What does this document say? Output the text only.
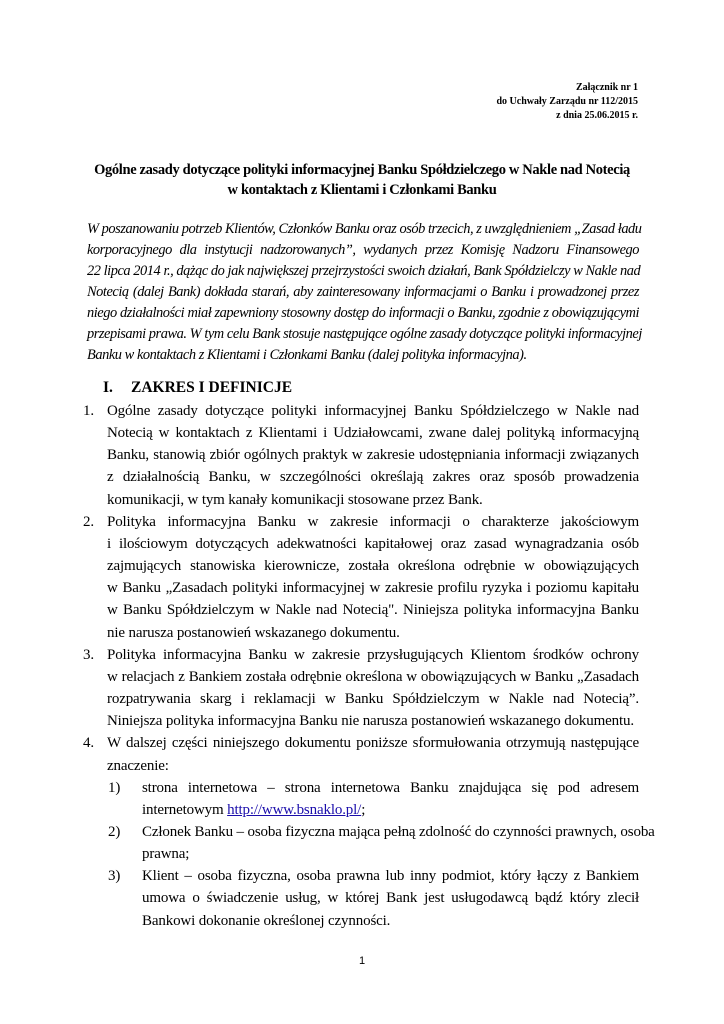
Załącznik nr 1
do Uchwały Zarządu nr 112/2015
z dnia 25.06.2015 r.
Ogólne zasady dotyczące polityki informacyjnej Banku Spółdzielczego w Nakle nad Notecią
w kontaktach z Klientami i Członkami Banku
W poszanowaniu potrzeb Klientów, Członków Banku oraz osób trzecich, z uwzględnieniem „Zasad ładu
korporacyjnego dla instytucji nadzorowanych”, wydanych przez Komisję Nadzoru Finansowego
22 lipca 2014 r., dążąc do jak największej przejrzystości swoich działań, Bank Spółdzielczy w Nakle nad
Notecią (dalej Bank) dokłada starań, aby zainteresowany informacjami o Banku i prowadzonej przez
niego działalności miał zapewniony stosowny dostęp do informacji o Banku, zgodnie z obowiązującymi
przepisami prawa. W tym celu Bank stosuje następujące ogólne zasady dotyczące polityki informacyjnej
Banku w kontaktach z Klientami i Członkami Banku (dalej polityka informacyjna).
I. ZAKRES I DEFINICJE
1. Ogólne zasady dotyczące polityki informacyjnej Banku Spółdzielczego w Nakle nad
Notecią w kontaktach z Klientami i Udziałowcami, zwane dalej polityką informacyjną
Banku, stanowią zbiór ogólnych praktyk w zakresie udostępniania informacji związanych
z działalnością Banku, w szczególności określają zakres oraz sposób prowadzenia
komunikacji, w tym kanały komunikacji stosowane przez Bank.
2. Polityka informacyjna Banku w zakresie informacji o charakterze jakościowym
i ilościowym dotyczących adekwatności kapitałowej oraz zasad wynagradzania osób
zajmujących stanowiska kierownicze, została określona odrębnie w obowiązujących
w Banku „Zasadach polityki informacyjnej w zakresie profilu ryzyka i poziomu kapitału
w Banku Spółdzielczym w Nakle nad Notecią". Niniejsza polityka informacyjna Banku
nie narusza postanowień wskazanego dokumentu.
3. Polityka informacyjna Banku w zakresie przysługujących Klientom środków ochrony
w relacjach z Bankiem została odrębnie określona w obowiązujących w Banku „Zasadach
rozpatrywania skarg i reklamacji w Banku Spółdzielczym w Nakle nad Notecią”.
Niniejsza polityka informacyjna Banku nie narusza postanowień wskazanego dokumentu.
4. W dalszej części niniejszego dokumentu poniższe sformułowania otrzymują następujące
znaczenie:
1) strona internetowa – strona internetowa Banku znajdująca się pod adresem
internetowym http://www.bsnaklo.pl/;
2) Członek Banku – osoba fizyczna mająca pełną zdolność do czynności prawnych, osoba
prawna;
3) Klient – osoba fizyczna, osoba prawna lub inny podmiot, który łączy z Bankiem
umowa o świadczenie usług, w której Bank jest usługodawcą bądź który zlecił
Bankowi dokonanie określonej czynności.
1
